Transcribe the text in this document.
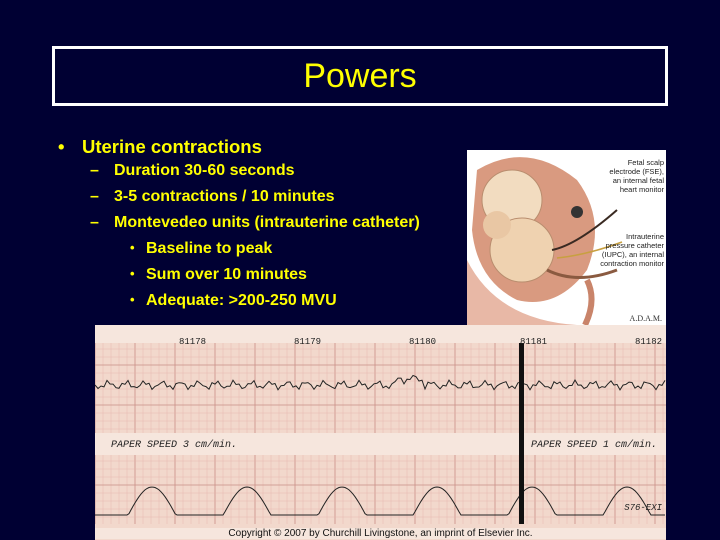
Powers
• Uterine contractions
– Duration 30-60 seconds
– 3-5 contractions / 10 minutes
– Montevedeo units (intrauterine catheter)
• Baseline to peak
• Sum over 10 minutes
• Adequate: >200-250 MVU
Fetal scalp
electrode (FSE),
an internal fetal
heart monitor
Intrauterine
pressure catheter
(IUPC), an internal
contraction monitor
A.D.A.M.
PAPER SPEED 3 cm/min.	PAPER SPEED 1 cm/min.
S76-EXI
81178	81179	81180	81181	81182
Copyright © 2007 by Churchill Livingstone, an imprint of Elsevier Inc.
